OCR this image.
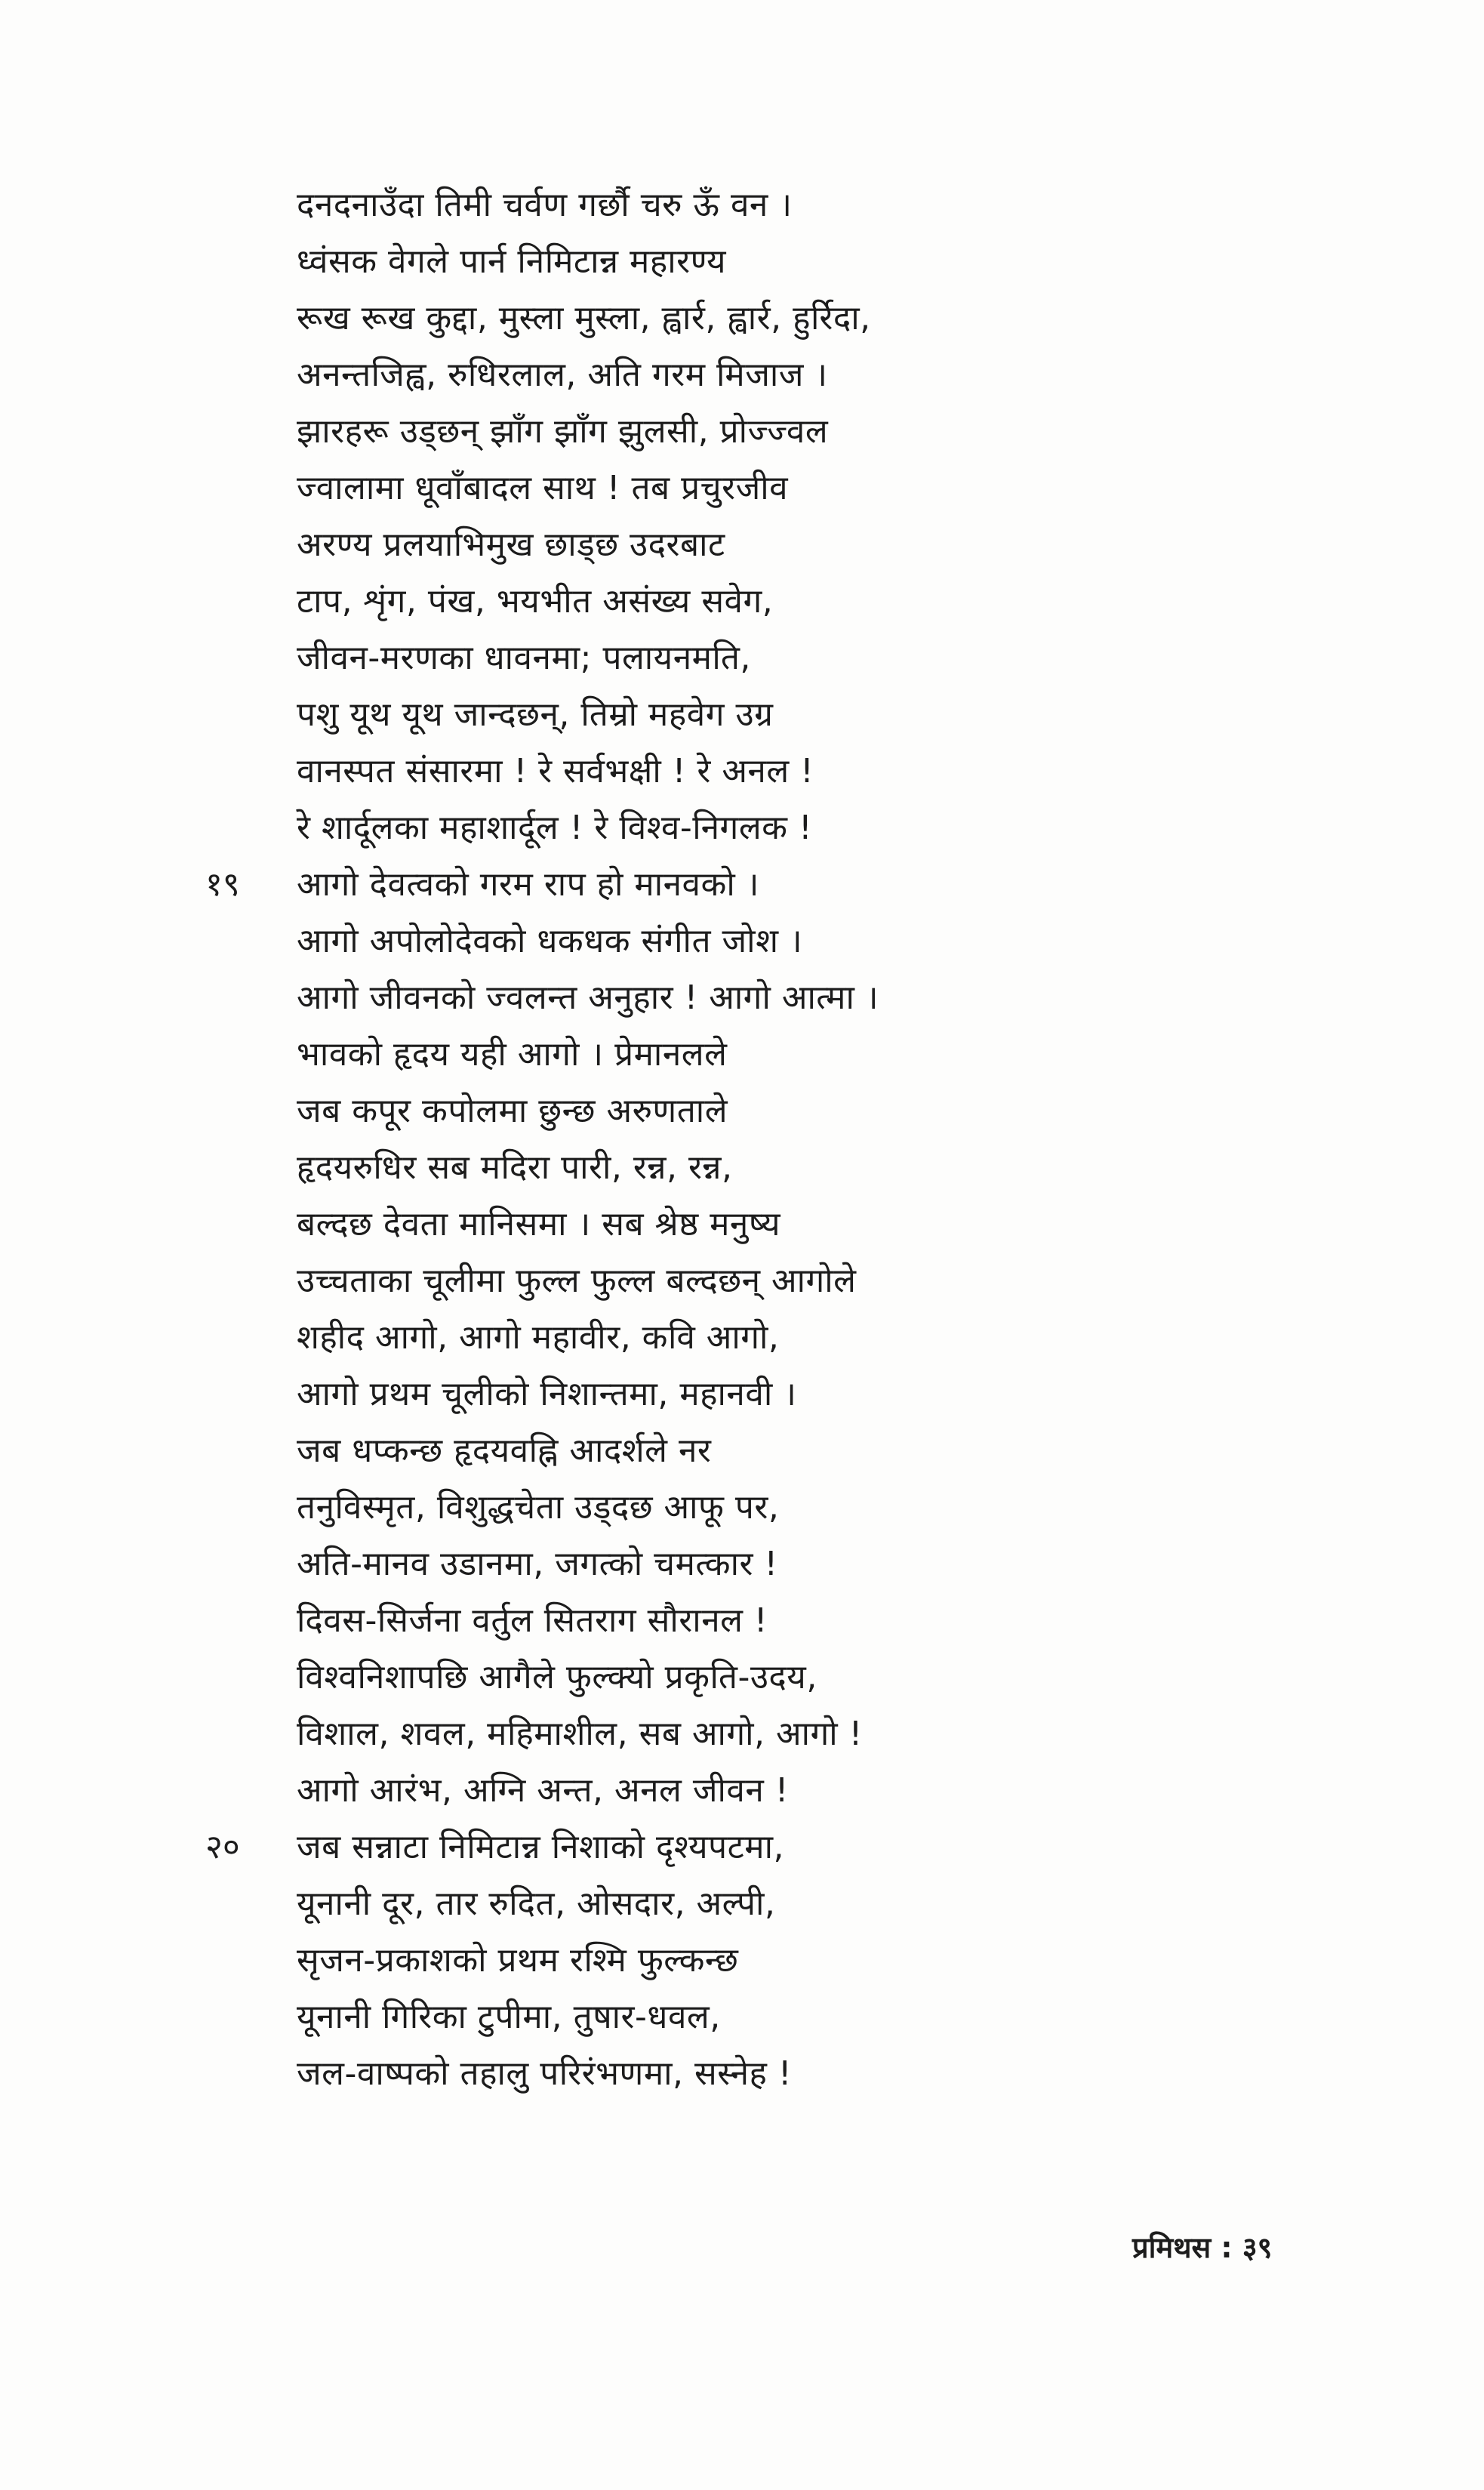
दनदनाउँदा तिमी चर्वण गर्छौ चरु ऊँ वन ।
ध्वंसक वेगले पार्न निमिटान्न महारण्य
रूख रूख कुद्दा, मुस्ला मुस्ला, ह्वार्र, ह्वार्र, हुर्रिदा,
अनन्तजिह्व, रुधिरलाल, अति गरम मिजाज ।
झारहरू उड्छन् झाँग झाँग झुलसी, प्रोज्ज्वल
ज्वालामा धूवाँबादल साथ ! तब प्रचुरजीव
अरण्य प्रलयाभिमुख छाड्छ उदरबाट
टाप, शृंग, पंख, भयभीत असंख्य सवेग,
जीवन-मरणका धावनमा; पलायनमति,
पशु यूथ यूथ जान्दछन्, तिम्रो महवेग उग्र
वानस्पत संसारमा ! रे सर्वभक्षी ! रे अनल !
रे शार्दूलका महाशार्दूल ! रे विश्व-निगलक !
१९ आगो देवत्वको गरम राप हो मानवको ।
आगो अपोलोदेवको धकधक संगीत जोश ।
आगो जीवनको ज्वलन्त अनुहार ! आगो आत्मा ।
भावको हृदय यही आगो । प्रेमानलले
जब कपूर कपोलमा छुन्छ अरुणताले
हृदयरुधिर सब मदिरा पारी, रन्न, रन्न,
बल्दछ देवता मानिसमा । सब श्रेष्ठ मनुष्य
उच्चताका चूलीमा फुल्ल फुल्ल बल्दछन् आगोले
शहीद आगो, आगो महावीर, कवि आगो,
आगो प्रथम चूलीको निशान्तमा, महानवी ।
जब धप्कन्छ हृदयवह्नि आदर्शले नर
तनुविस्मृत, विशुद्धचेता उड्दछ आफू पर,
अति-मानव उडानमा, जगत्को चमत्कार !
दिवस-सिर्जना वर्तुल सितराग सौरानल !
विश्वनिशापछि आगैले फुल्क्यो प्रकृति-उदय,
विशाल, शवल, महिमाशील, सब आगो, आगो !
आगो आरंभ, अग्नि अन्त, अनल जीवन !
२० जब सन्नाटा निमिटान्न निशाको दृश्यपटमा,
यूनानी दूर, तार रुदित, ओसदार, अल्पी,
सृजन-प्रकाशको प्रथम रश्मि फुल्कन्छ
यूनानी गिरिका टुपीमा, तुषार-धवल,
जल-वाष्पको तहालु परिरंभणमा, सस्नेह !
प्रमिथस : ३९
